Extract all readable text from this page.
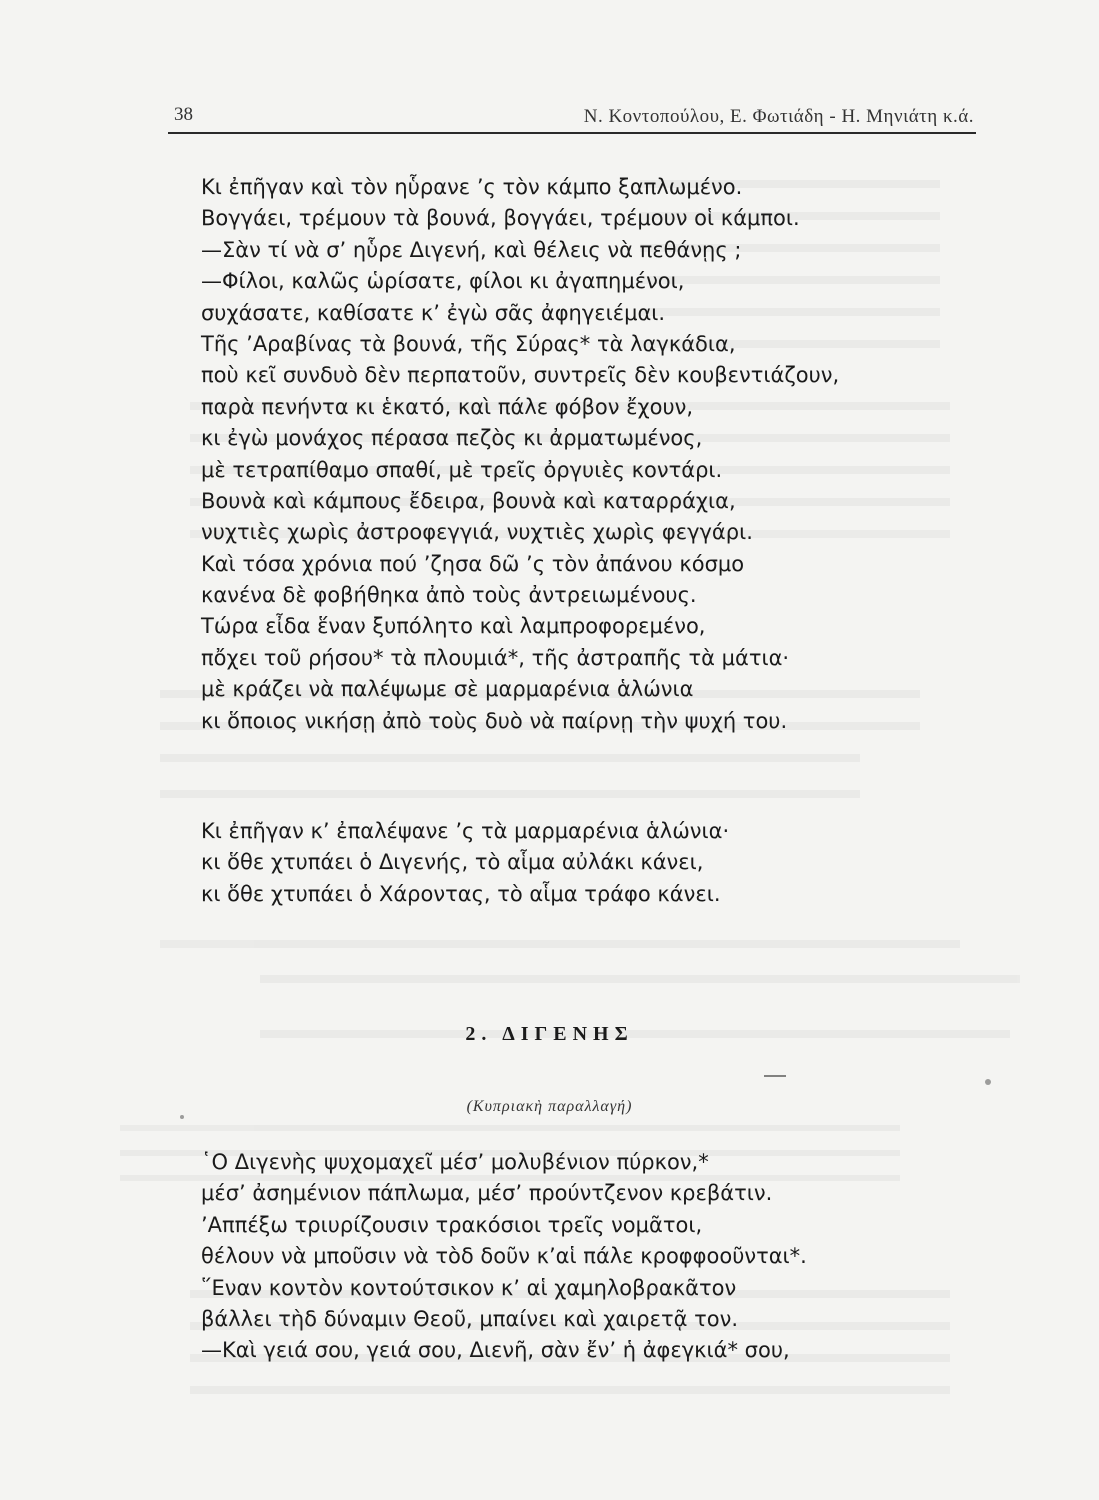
38	Ν. Κοντοπούλου, Ε. Φωτιάδη - Η. Μηνιάτη κ.ά.
Κι ἐπῆγαν καὶ τὸν ηὗρανε ’ς τὸν κάμπο ξαπλωμένο.
Βογγάει, τρέμουν τὰ βουνά, βογγάει, τρέμουν οἱ κάμποι.
—Σὰν τί νὰ σ’ ηὗρε Διγενή, καὶ θέλεις νὰ πεθάνῃς ;
—Φίλοι, καλῶς ὡρίσατε, φίλοι κι ἀγαπημένοι,
συχάσατε, καθίσατε κ’ ἐγὼ σᾶς ἀφηγειέμαι.
Τῆς ’Αραβίνας τὰ βουνά, τῆς Σύρας* τὰ λαγκάδια,
ποὺ κεῖ συνδυὸ δὲν περπατοῦν, συντρεῖς δὲν κουβεντιάζουν,
παρὰ πενήντα κι ἑκατό, καὶ πάλε φόβον ἔχουν,
κι ἐγὼ μονάχος πέρασα πεζὸς κι ἀρματωμένος,
μὲ τετραπίθαμο σπαθί, μὲ τρεῖς ὀργυιὲς κοντάρι.
Βουνὰ καὶ κάμπους ἔδειρα, βουνὰ καὶ καταρράχια,
νυχτιὲς χωρὶς ἀστροφεγγιά, νυχτιὲς χωρὶς φεγγάρι.
Καὶ τόσα χρόνια πού ’ζησα δῶ ’ς τὸν ἀπάνου κόσμο
κανένα δὲ φοβήθηκα ἀπὸ τοὺς ἀντρειωμένους.
Τώρα εἶδα ἕναν ξυπόλητο καὶ λαμπροφορεμένο,
πὄχει τοῦ ρήσου* τὰ πλουμιά*, τῆς ἀστραπῆς τὰ μάτια·
μὲ κράζει νὰ παλέψωμε σὲ μαρμαρένια ἁλώνια
κι ὅποιος νικήσῃ ἀπὸ τοὺς δυὸ νὰ παίρνῃ τὴν ψυχή του.
Κι ἐπῆγαν κ’ ἐπαλέψανε ’ς τὰ μαρμαρένια ἁλώνια·
κι ὅθε χτυπάει ὁ Διγενής, τὸ αἷμα αὐλάκι κάνει,
κι ὅθε χτυπάει ὁ Χάροντας, τὸ αἷμα τράφο κάνει.
2. ΔΙΓΕΝΗΣ
(Κυπριακὴ παραλλαγή)
῾Ο Διγενὴς ψυχομαχεῖ μέσ’ μολυβένιον πύρκον,*
μέσ’ ἀσημένιον πάπλωμα, μέσ’ προύντζενον κρεβάτιν.
’Αππέξω τριυρίζουσιν τρακόσιοι τρεῖς νομᾶτοι,
θέλουν νὰ μποῦσιν νὰ τὸδ δοῦν κ’αἱ πάλε κροφφοοῦνται*.
῞Εναν κοντὸν κοντούτσικον κ’ αἱ χαμηλοβρακᾶτον
βάλλει τὴδ δύναμιν Θεοῦ, μπαίνει καὶ χαιρετᾷ τον.
—Καὶ γειά σου, γειά σου, Διενῆ, σὰν ἔν’ ἡ ἀφεγκιά* σου,
